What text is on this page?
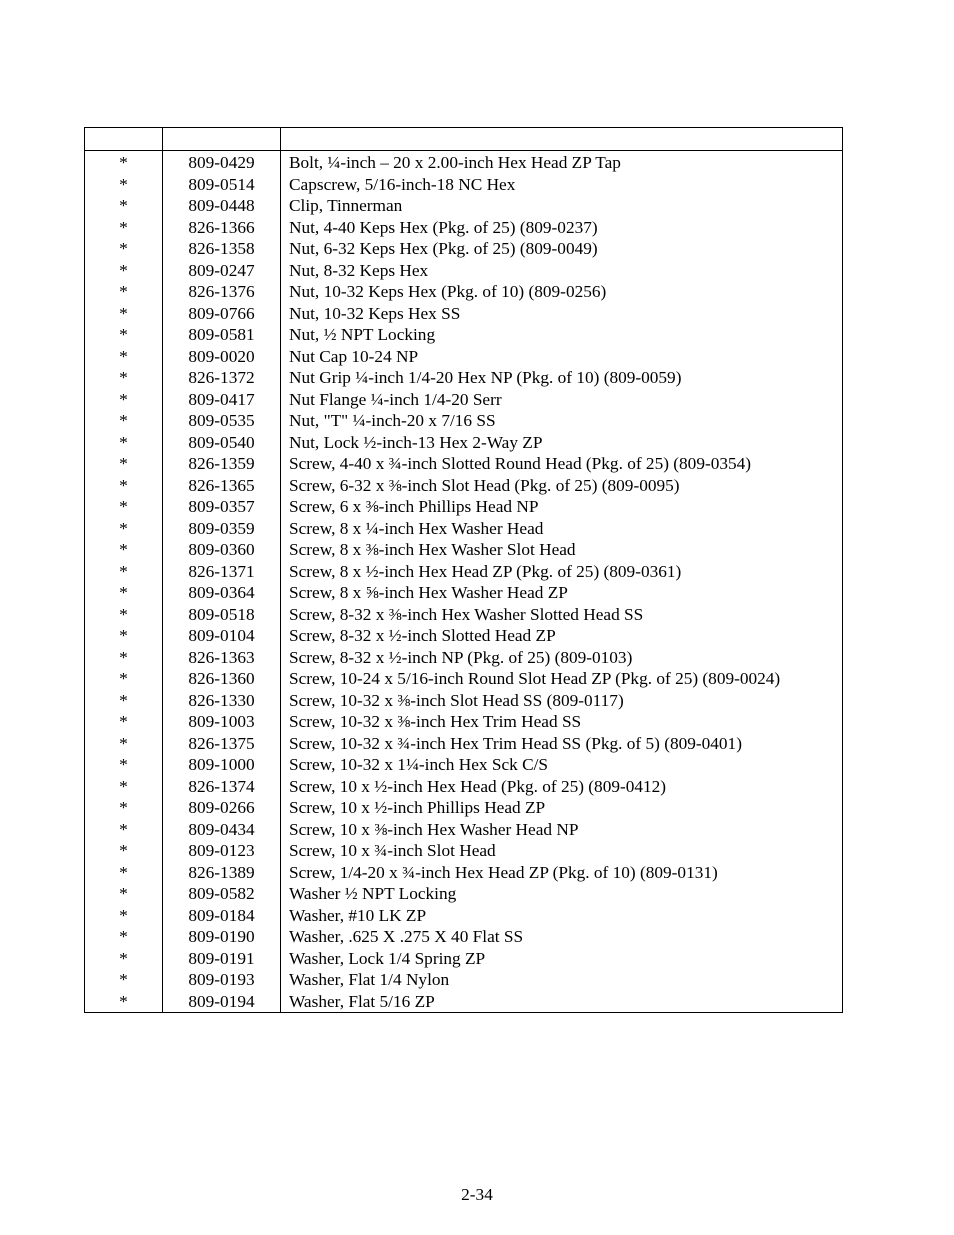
*	809-0429	Bolt, ¼-inch – 20 x 2.00-inch Hex Head ZP Tap
*	809-0514	Capscrew, 5/16-inch-18 NC Hex
*	809-0448	Clip, Tinnerman
*	826-1366	Nut, 4-40 Keps Hex (Pkg. of 25) (809-0237)
*	826-1358	Nut, 6-32 Keps Hex (Pkg. of 25) (809-0049)
*	809-0247	Nut, 8-32 Keps Hex
*	826-1376	Nut, 10-32 Keps Hex (Pkg. of 10) (809-0256)
*	809-0766	Nut, 10-32 Keps Hex SS
*	809-0581	Nut, ½ NPT Locking
*	809-0020	Nut Cap 10-24 NP
*	826-1372	Nut Grip ¼-inch 1/4-20 Hex NP (Pkg. of 10) (809-0059)
*	809-0417	Nut Flange ¼-inch 1/4-20 Serr
*	809-0535	Nut, "T" ¼-inch-20 x 7/16 SS
*	809-0540	Nut, Lock ½-inch-13 Hex 2-Way ZP
*	826-1359	Screw, 4-40 x ¾-inch Slotted Round Head (Pkg. of 25) (809-0354)
*	826-1365	Screw, 6-32 x ⅜-inch Slot Head (Pkg. of 25) (809-0095)
*	809-0357	Screw, 6 x ⅜-inch Phillips Head NP
*	809-0359	Screw, 8 x ¼-inch Hex Washer Head
*	809-0360	Screw, 8 x ⅜-inch Hex Washer Slot Head
*	826-1371	Screw, 8 x ½-inch Hex Head ZP (Pkg. of 25) (809-0361)
*	809-0364	Screw, 8 x ⅝-inch Hex Washer Head ZP
*	809-0518	Screw, 8-32 x ⅜-inch Hex Washer Slotted Head SS
*	809-0104	Screw, 8-32 x ½-inch Slotted Head ZP
*	826-1363	Screw, 8-32 x ½-inch NP (Pkg. of 25) (809-0103)
*	826-1360	Screw, 10-24 x 5/16-inch Round Slot Head ZP (Pkg. of 25) (809-0024)
*	826-1330	Screw, 10-32 x ⅜-inch Slot Head SS (809-0117)
*	809-1003	Screw, 10-32 x ⅜-inch Hex Trim Head SS
*	826-1375	Screw, 10-32 x ¾-inch Hex Trim Head SS (Pkg. of 5) (809-0401)
*	809-1000	Screw, 10-32 x 1¼-inch Hex Sck C/S
*	826-1374	Screw, 10 x ½-inch Hex Head (Pkg. of 25) (809-0412)
*	809-0266	Screw, 10 x ½-inch Phillips Head ZP
*	809-0434	Screw, 10 x ⅜-inch Hex Washer Head NP
*	809-0123	Screw, 10 x ¾-inch Slot Head
*	826-1389	Screw, 1/4-20 x ¾-inch Hex Head ZP (Pkg. of 10) (809-0131)
*	809-0582	Washer ½ NPT Locking
*	809-0184	Washer, #10 LK ZP
*	809-0190	Washer, .625 X .275 X 40 Flat SS
*	809-0191	Washer, Lock 1/4 Spring ZP
*	809-0193	Washer, Flat 1/4 Nylon
*	809-0194	Washer, Flat 5/16 ZP
2-34
